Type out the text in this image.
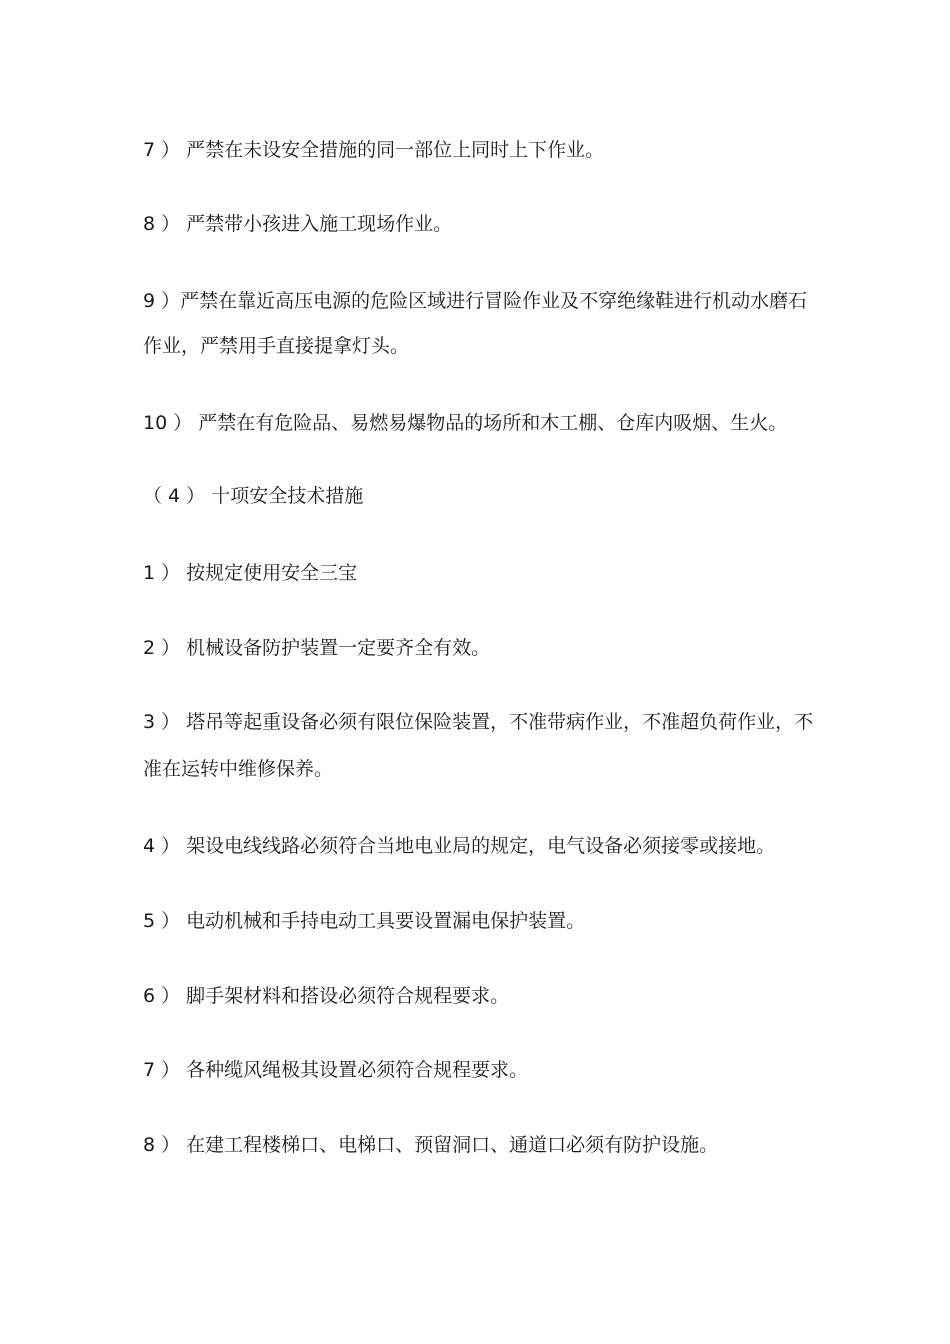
7 ） 严禁在未设安全措施的同一部位上同时上下作业。
8 ） 严禁带小孩进入施工现场作业。
9 ）严禁在靠近高压电源的危险区域进行冒险作业及不穿绝缘鞋进行机动水磨石
作业，严禁用手直接提拿灯头。
10 ） 严禁在有危险品、易燃易爆物品的场所和木工棚、仓库内吸烟、生火。
（ 4 ） 十项安全技术措施
1 ） 按规定使用安全三宝
2 ） 机械设备防护装置一定要齐全有效。
3 ） 塔吊等起重设备必须有限位保险装置，不准带病作业，不准超负荷作业，不
准在运转中维修保养。
4 ） 架设电线线路必须符合当地电业局的规定，电气设备必须接零或接地。
5 ） 电动机械和手持电动工具要设置漏电保护装置。
6 ） 脚手架材料和搭设必须符合规程要求。
7 ） 各种缆风绳极其设置必须符合规程要求。
8 ） 在建工程楼梯口、电梯口、预留洞口、通道口必须有防护设施。
